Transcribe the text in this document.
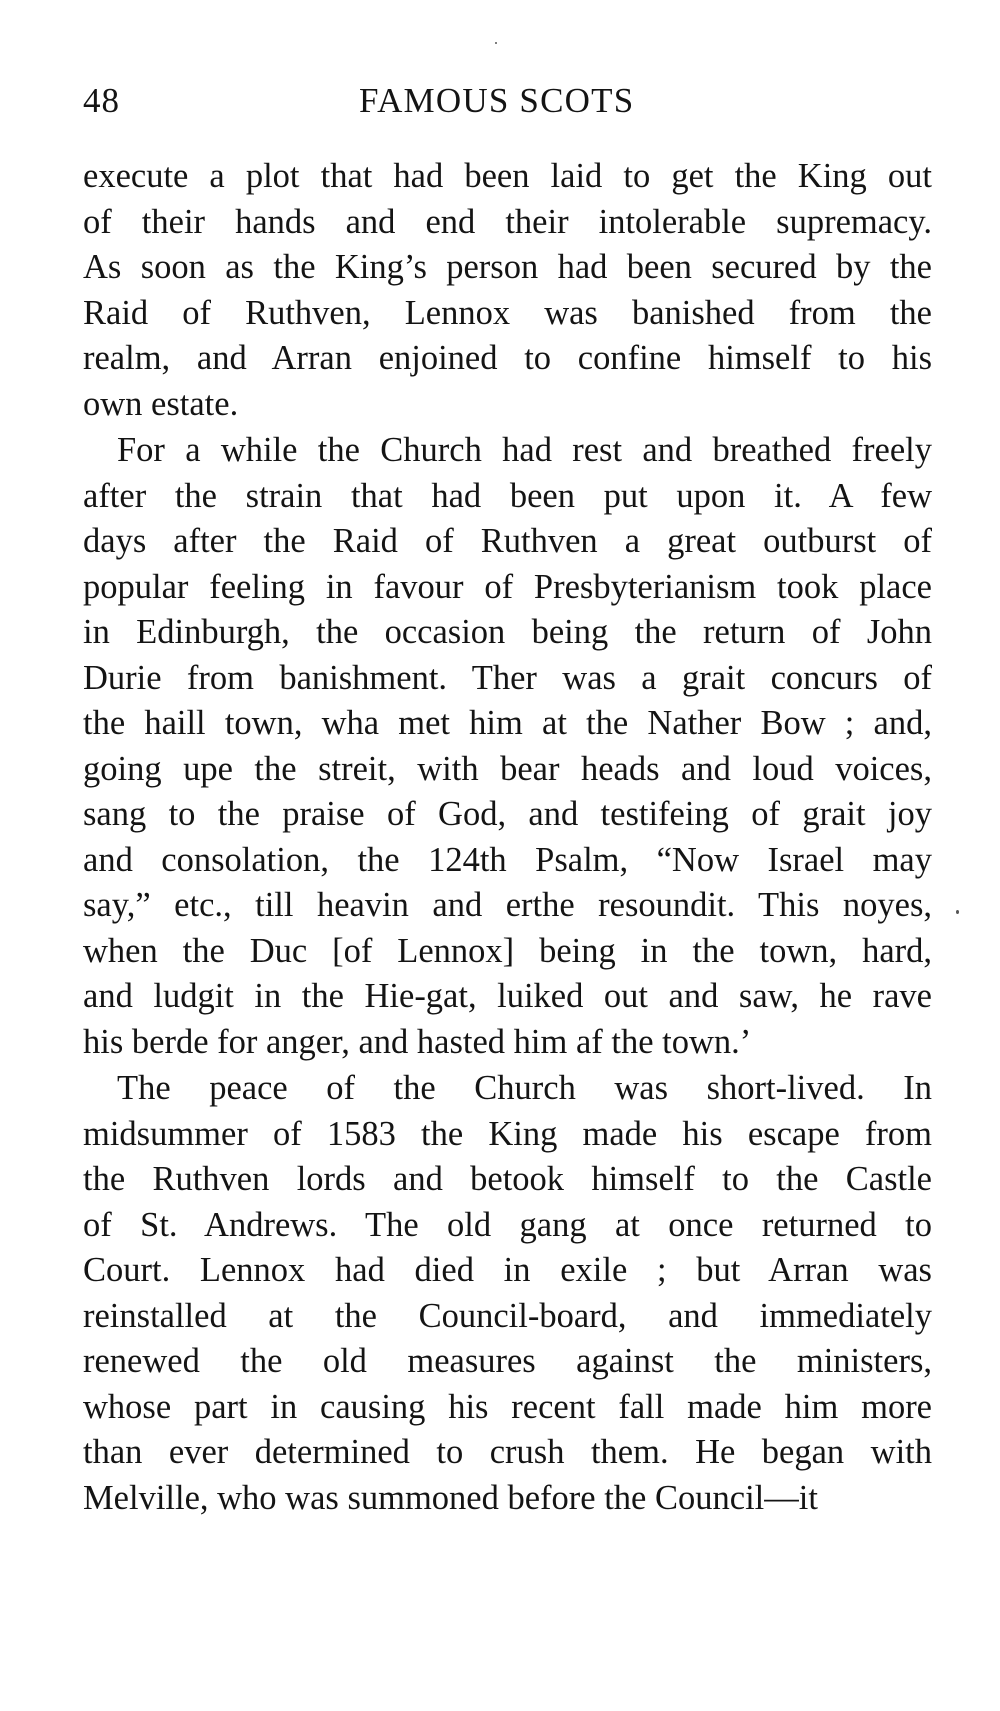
48	FAMOUS SCOTS
execute a plot that had been laid to get the King out
of their hands and end their intolerable supremacy.
As soon as the King’s person had been secured by the
Raid of Ruthven, Lennox was banished from the
realm, and Arran enjoined to confine himself to his
own estate.
For a while the Church had rest and breathed freely
after the strain that had been put upon it. A few
days after the Raid of Ruthven a great outburst of
popular feeling in favour of Presbyterianism took place
in Edinburgh, the occasion being the return of John
Durie from banishment. Ther was a grait concurs of
the haill town, wha met him at the Nather Bow ; and,
going upe the streit, with bear heads and loud voices,
sang to the praise of God, and testifeing of grait joy
and consolation, the 124th Psalm, “Now Israel may
say,” etc., till heavin and erthe resoundit. This noyes,
when the Duc [of Lennox] being in the town, hard,
and ludgit in the Hie-gat, luiked out and saw, he rave
his berde for anger, and hasted him af the town.’
The peace of the Church was short-lived. In
midsummer of 1583 the King made his escape from
the Ruthven lords and betook himself to the Castle
of St. Andrews. The old gang at once returned to
Court. Lennox had died in exile ; but Arran was
reinstalled at the Council-board, and immediately
renewed the old measures against the ministers,
whose part in causing his recent fall made him more
than ever determined to crush them. He began with
Melville, who was summoned before the Council—it
